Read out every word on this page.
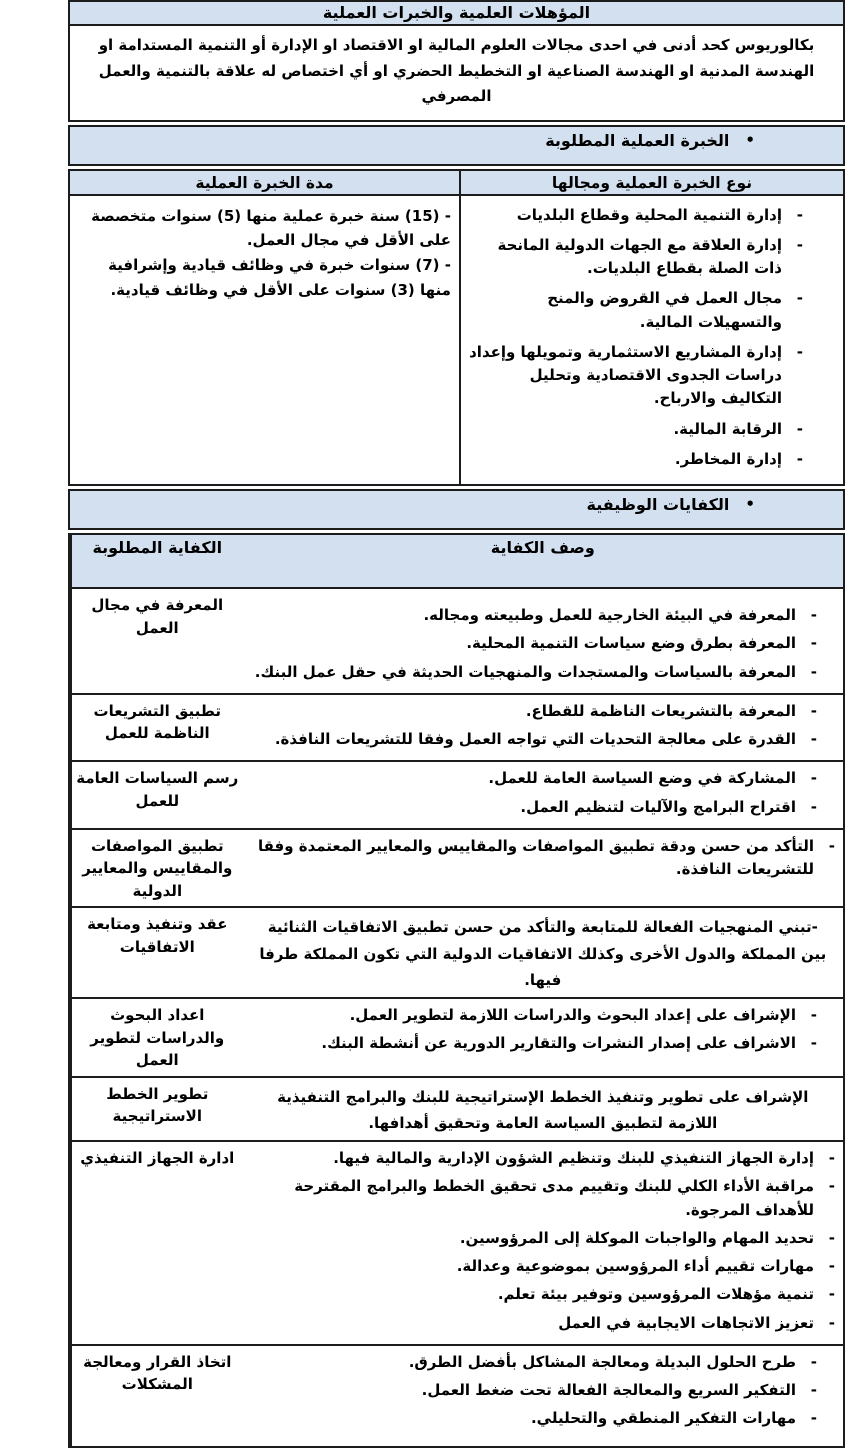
المؤهلات العلمية والخبرات العملية
بكالوريوس كحد أدنى في احدى مجالات العلوم المالية او الاقتصاد او الإدارة أو التنمية المستدامة او الهندسة المدنية او الهندسة الصناعية او التخطيط الحضري او أي اختصاص له علاقة بالتنمية والعمل المصرفي
•الخبرة العملية المطلوبة
نوع الخبرة العملية ومجالها
مدة الخبرة العملية
-
إدارة التنمية المحلية وقطاع البلديات
-
إدارة العلاقة مع الجهات الدولية المانحة ذات الصلة بقطاع البلديات.
-
مجال العمل في القروض والمنح والتسهيلات المالية.
-
إدارة المشاريع الاستثمارية وتمويلها وإعداد دراسات الجدوى الاقتصادية وتحليل التكاليف والارباح.
-
الرقابة المالية.
-
إدارة المخاطر.
- (15) سنة خبرة عملية منها (5) سنوات متخصصة على الأقل في مجال العمل.
- (7) سنوات خبرة في وظائف قيادية وإشرافية منها (3) سنوات على الأقل في وظائف قيادية.
•الكفايات الوظيفية
وصف الكفاية
الكفاية المطلوبة
-
المعرفة في البيئة الخارجية للعمل وطبيعته ومجاله.
-
المعرفة بطرق وضع سياسات التنمية المحلية.
-
المعرفة بالسياسات والمستجدات والمنهجيات الحديثة في حقل عمل البنك.
المعرفة في مجال العمل
-
المعرفة بالتشريعات الناظمة للقطاع.
-
القدرة على معالجة التحديات التي تواجه العمل وفقا للتشريعات النافذة.
تطبيق التشريعات الناظمة للعمل
-
المشاركة في وضع السياسة العامة للعمل.
-
اقتراح البرامج والآليات لتنظيم العمل.
رسم السياسات العامة للعمل
-
التأكد من حسن ودقة تطبيق المواصفات والمقاييس والمعايير المعتمدة وفقا للتشريعات النافذة.
تطبيق المواصفات والمقاييس والمعايير الدولية
-تبني المنهجيات الفعالة للمتابعة والتأكد من حسن تطبيق الاتفاقيات الثنائية بين المملكة والدول الأخرى وكذلك الاتفاقيات الدولية التي تكون المملكة طرفا فيها.
عقد وتنفيذ ومتابعة الاتفاقيات
-
الإشراف على إعداد البحوث والدراسات اللازمة لتطوير العمل.
-
الاشراف على إصدار النشرات والتقارير الدورية عن أنشطة البنك.
اعداد البحوث والدراسات لتطوير العمل
الإشراف على تطوير وتنفيذ الخطط الإستراتيجية للبنك والبرامج التنفيذية اللازمة لتطبيق السياسة العامة وتحقيق أهدافها.
تطوير الخطط الاستراتيجية
-
إدارة الجهاز التنفيذي للبنك وتنظيم الشؤون الإدارية والمالية فيها.
-
مراقبة الأداء الكلي للبنك وتقييم مدى تحقيق الخطط والبرامج المقترحة للأهداف المرجوة.
-
تحديد المهام والواجبات الموكلة إلى المرؤوسين.
-
مهارات تقييم أداء المرؤوسين بموضوعية وعدالة.
-
تنمية مؤهلات المرؤوسين وتوفير بيئة تعلم.
-
تعزيز الاتجاهات الايجابية في العمل
ادارة الجهاز التنفيذي
-
طرح الحلول البديلة ومعالجة المشاكل بأفضل الطرق.
-
التفكير السريع والمعالجة الفعالة تحت ضغط العمل.
-
مهارات التفكير المنطقي والتحليلي.
اتخاذ القرار ومعالجة المشكلات
